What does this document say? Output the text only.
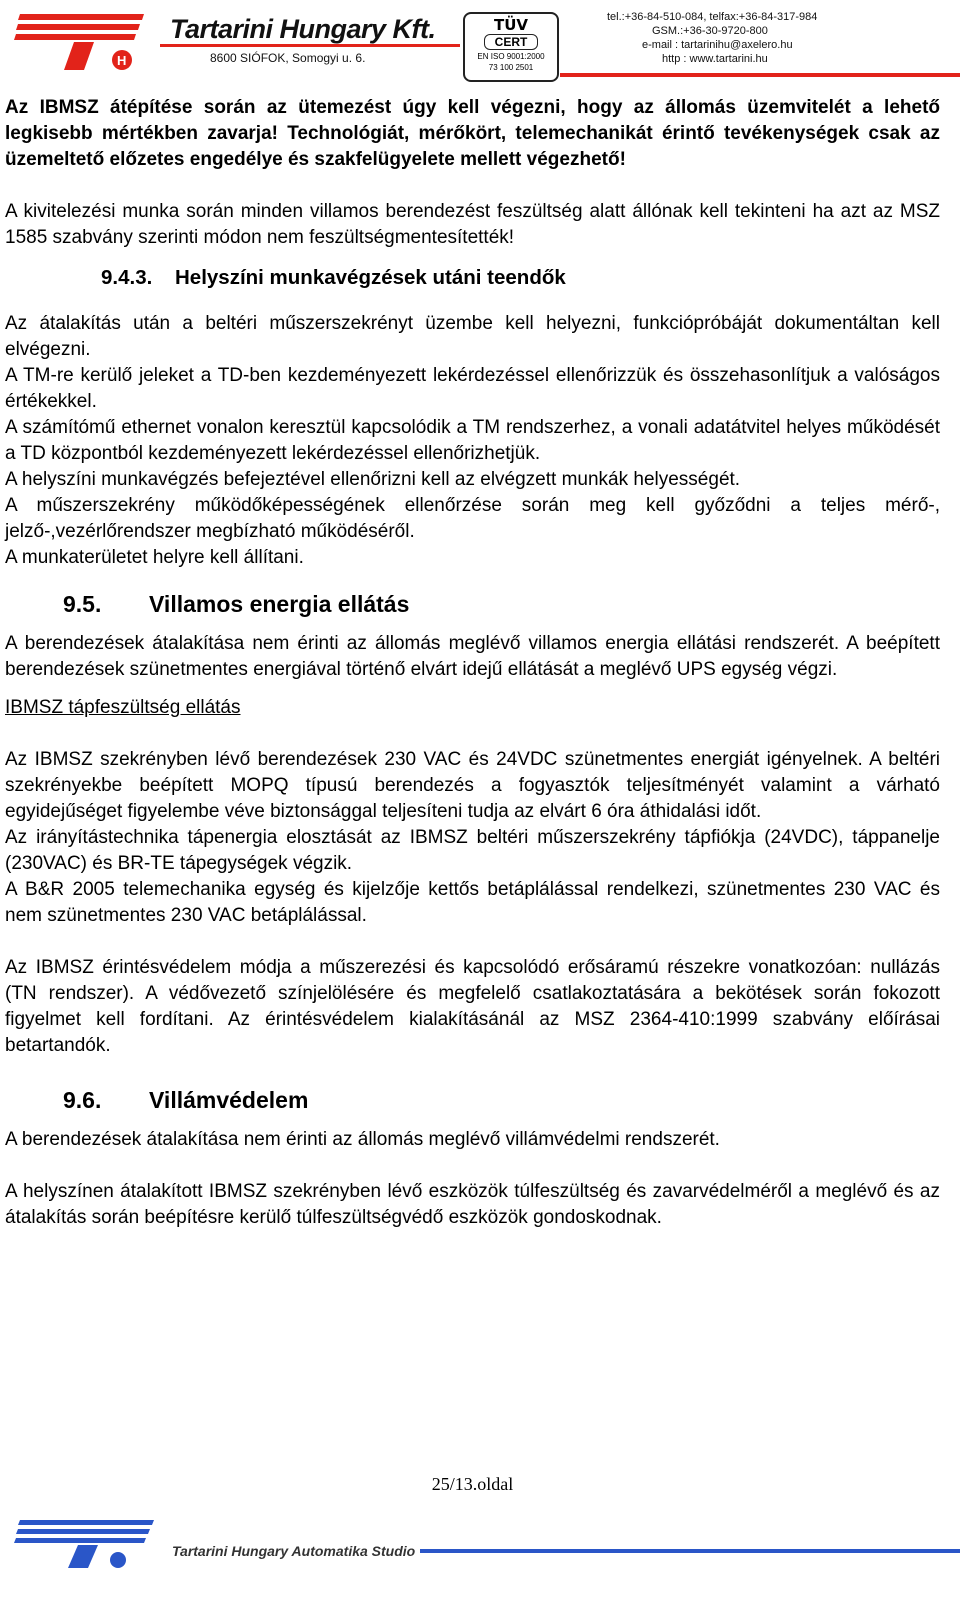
H
Tartarini Hungary Kft.
8600 SIÓFOK, Somogyi u. 6.
TÜV
CERT
EN ISO 9001:2000
73 100 2501
tel.:+36-84-510-084, telfax:+36-84-317-984
GSM.:+36-30-9720-800
e-mail : tartarinihu@axelero.hu
http : www.tartarini.hu

Az IBMSZ átépítése során az ütemezést úgy kell végezni, hogy az állomás üzemvitelét a lehető legkisebb mértékben zavarja! Technológiát, mérőkört, telemechanikát érintő tevékenységek csak az üzemeltető előzetes engedélye és szakfelügyelete mellett végezhető!

A kivitelezési munka során minden villamos berendezést feszültség alatt állónak kell tekinteni ha azt az MSZ 1585 szabvány szerinti módon nem feszültségmentesítették!

9.4.3. Helyszíni munkavégzések utáni teendők

Az átalakítás után a beltéri műszerszekrényt üzembe kell helyezni, funkciópróbáját dokumentáltan kell elvégezni.

A TM-re kerülő jeleket a TD-ben kezdeményezett lekérdezéssel ellenőrizzük és összehasonlítjuk a valóságos értékekkel.

A számítómű ethernet vonalon keresztül kapcsolódik a TM rendszerhez, a vonali adatátvitel helyes működését a TD központból kezdeményezett lekérdezéssel ellenőrizhetjük.

A helyszíni munkavégzés befejeztével ellenőrizni kell az elvégzett munkák helyességét.

A műszerszekrény működőképességének ellenőrzése során meg kell győződni a teljes mérő-, jelző-,vezérlőrendszer megbízható működéséről.

A munkaterületet helyre kell állítani.

9.5. Villamos energia ellátás

A berendezések átalakítása nem érinti az állomás meglévő villamos energia ellátási rendszerét. A beépített berendezések szünetmentes energiával történő elvárt idejű ellátását a meglévő UPS egység végzi.

IBMSZ tápfeszültség ellátás

Az IBMSZ szekrényben lévő berendezések 230 VAC és 24VDC szünetmentes energiát igényelnek. A beltéri szekrényekbe beépített MOPQ típusú berendezés a fogyasztók teljesítményét valamint a várható egyidejűséget figyelembe véve biztonsággal teljesíteni tudja az elvárt 6 óra áthidalási időt.

Az irányítástechnika tápenergia elosztását az IBMSZ beltéri műszerszekrény tápfiókja (24VDC), táppanelje (230VAC) és BR-TE tápegységek végzik.

A B&R 2005 telemechanika egység és kijelzője kettős betáplálással rendelkezi, szünetmentes 230 VAC és nem szünetmentes 230 VAC betáplálással.

Az IBMSZ érintésvédelem módja a műszerezési és kapcsolódó erősáramú részekre vonatkozóan: nullázás (TN rendszer). A védővezető színjelölésére és megfelelő csatlakoztatására a bekötések során fokozott figyelmet kell fordítani. Az érintésvédelem kialakításánál az MSZ 2364-410:1999 szabvány előírásai betartandók.

9.6. Villámvédelem

A berendezések átalakítása nem érinti az állomás meglévő villámvédelmi rendszerét.

A helyszínen átalakított IBMSZ szekrényben lévő eszközök túlfeszültség és zavarvédelméről a meglévő és az átalakítás során beépítésre kerülő túlfeszültségvédő eszközök gondoskodnak.

25/13.oldal
Tartarini Hungary Automatika Studio
